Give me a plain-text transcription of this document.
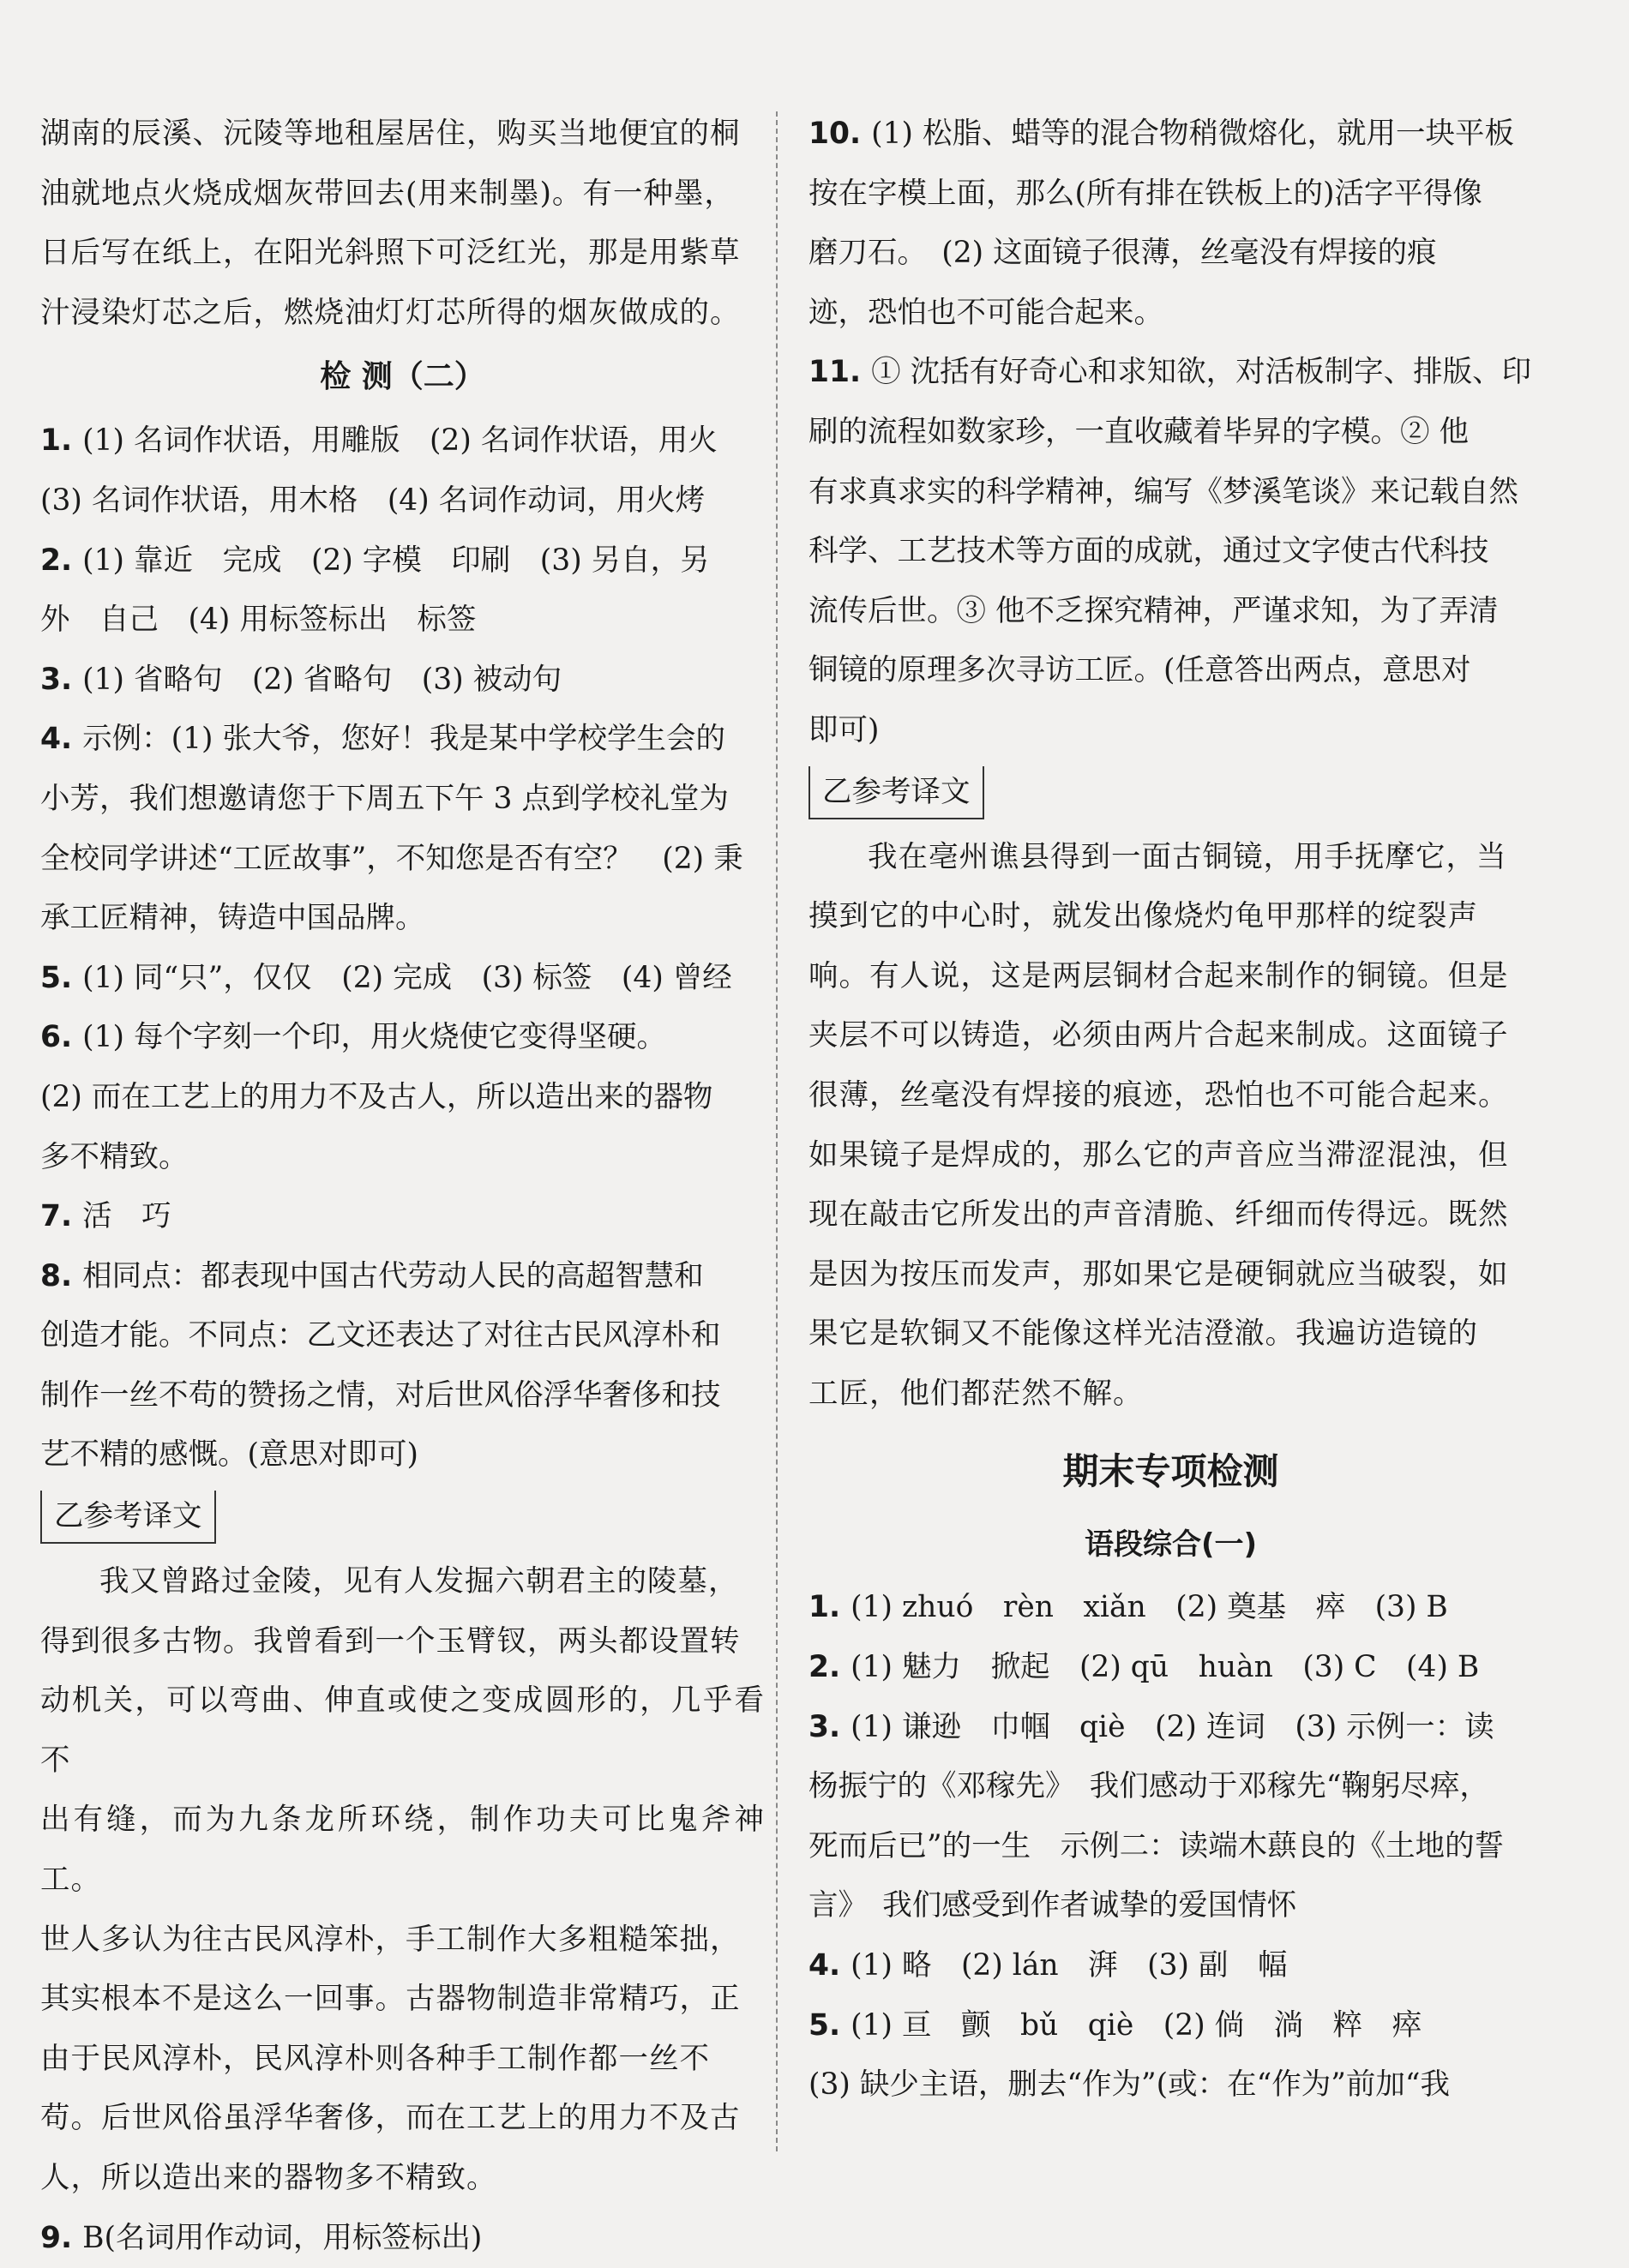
湖南的辰溪、沅陵等地租屋居住，购买当地便宜的桐

油就地点火烧成烟灰带回去(用来制墨)。有一种墨，

日后写在纸上，在阳光斜照下可泛红光，那是用紫草

汁浸染灯芯之后，燃烧油灯灯芯所得的烟灰做成的。

检 测（二）

1. (1) 名词作状语，用雕版　(2) 名词作状语，用火

(3) 名词作状语，用木格　(4) 名词作动词，用火烤

2. (1) 靠近　完成　(2) 字模　印刷　(3) 另自，另

外　自己　(4) 用标签标出　标签

3. (1) 省略句　(2) 省略句　(3) 被动句

4. 示例：(1) 张大爷，您好！我是某中学校学生会的

小芳，我们想邀请您于下周五下午 3 点到学校礼堂为

全校同学讲述“工匠故事”，不知您是否有空？　(2) 秉

承工匠精神，铸造中国品牌。

5. (1) 同“只”，仅仅　(2) 完成　(3) 标签　(4) 曾经

6. (1) 每个字刻一个印，用火烧使它变得坚硬。

(2) 而在工艺上的用力不及古人，所以造出来的器物

多不精致。

7. 活　巧

8. 相同点：都表现中国古代劳动人民的高超智慧和

创造才能。不同点：乙文还表达了对往古民风淳朴和

制作一丝不苟的赞扬之情，对后世风俗浮华奢侈和技

艺不精的感慨。(意思对即可)

乙参考译文

我又曾路过金陵，见有人发掘六朝君主的陵墓，

得到很多古物。我曾看到一个玉臂钗，两头都设置转

动机关，可以弯曲、伸直或使之变成圆形的，几乎看不

出有缝，而为九条龙所环绕，制作功夫可比鬼斧神工。

世人多认为往古民风淳朴，手工制作大多粗糙笨拙，

其实根本不是这么一回事。古器物制造非常精巧，正

由于民风淳朴，民风淳朴则各种手工制作都一丝不

苟。后世风俗虽浮华奢侈，而在工艺上的用力不及古

人，所以造出来的器物多不精致。

9. B(名词用作动词，用标签标出)

10. (1) 松脂、蜡等的混合物稍微熔化，就用一块平板

按在字模上面，那么(所有排在铁板上的)活字平得像

磨刀石。　(2) 这面镜子很薄，丝毫没有焊接的痕

迹，恐怕也不可能合起来。

11. ① 沈括有好奇心和求知欲，对活板制字、排版、印

刷的流程如数家珍，一直收藏着毕昇的字模。② 他

有求真求实的科学精神，编写《梦溪笔谈》来记载自然

科学、工艺技术等方面的成就，通过文字使古代科技

流传后世。③ 他不乏探究精神，严谨求知，为了弄清

铜镜的原理多次寻访工匠。(任意答出两点，意思对

即可)

乙参考译文

我在亳州谯县得到一面古铜镜，用手抚摩它，当

摸到它的中心时，就发出像烧灼龟甲那样的绽裂声

响。有人说，这是两层铜材合起来制作的铜镜。但是

夹层不可以铸造，必须由两片合起来制成。这面镜子

很薄，丝毫没有焊接的痕迹，恐怕也不可能合起来。

如果镜子是焊成的，那么它的声音应当滞涩混浊，但

现在敲击它所发出的声音清脆、纤细而传得远。既然

是因为按压而发声，那如果它是硬铜就应当破裂，如

果它是软铜又不能像这样光洁澄澈。我遍访造镜的

工匠，他们都茫然不解。

期末专项检测
语段综合(一)

1. (1) zhuó　rèn　xiǎn　(2) 奠基　瘁　(3) B

2. (1) 魅力　掀起　(2) qū　huàn　(3) C　(4) B

3. (1) 谦逊　巾帼　qiè　(2) 连词　(3) 示例一：读

杨振宁的《邓稼先》　我们感动于邓稼先“鞠躬尽瘁，

死而后已”的一生　示例二：读端木蕻良的《土地的誓

言》　我们感受到作者诚挚的爱国情怀

4. (1) 略　(2) lán　湃　(3) 副　幅

5. (1) 亘　颤　bǔ　qiè　(2) 倘　淌　粹　瘁

(3) 缺少主语，删去“作为”(或：在“作为”前加“我
